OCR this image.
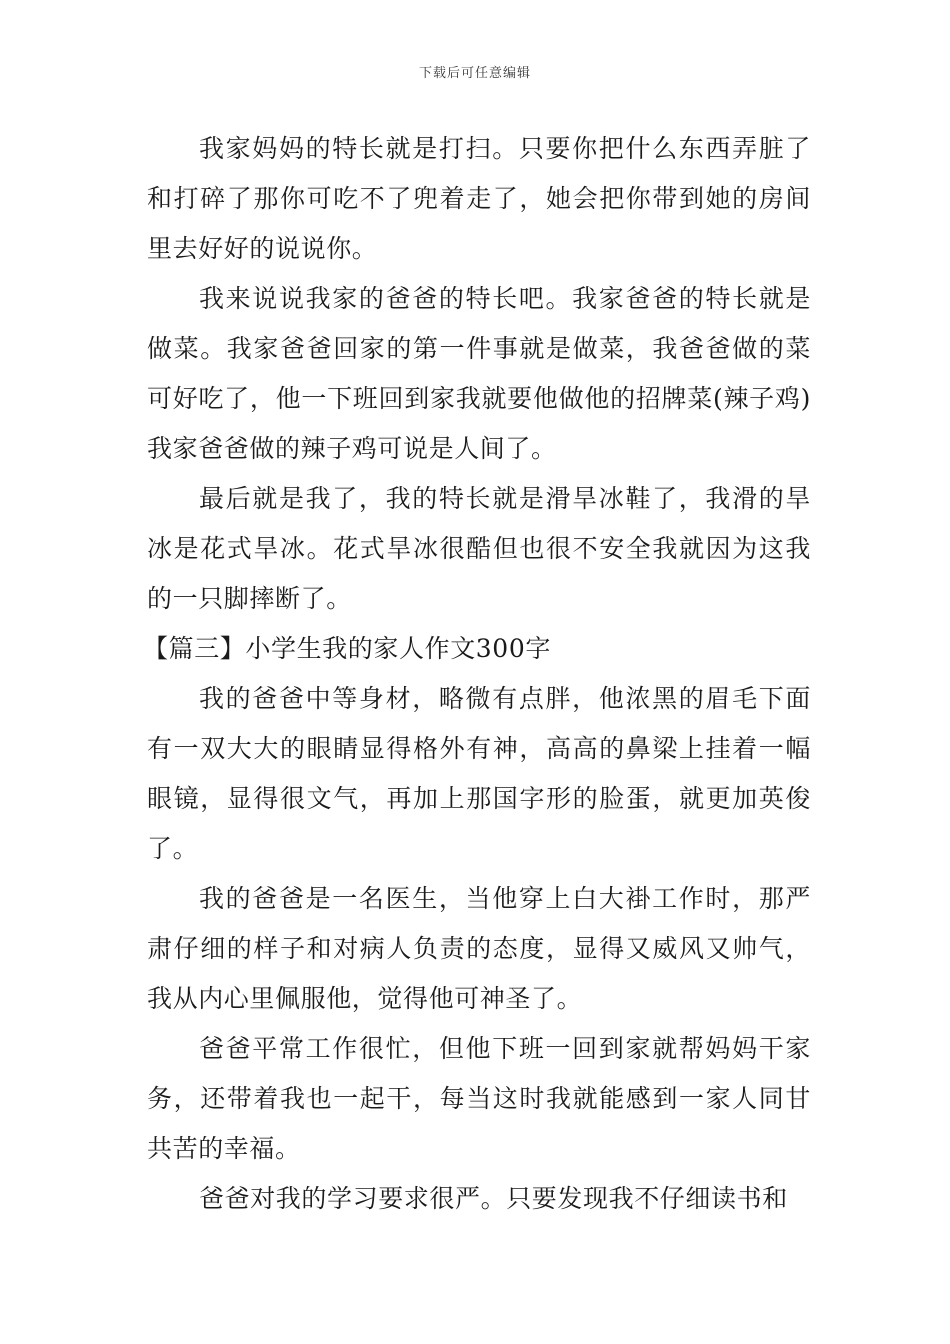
下载后可任意编辑

我家妈妈的特长就是打扫。只要你把什么东西弄脏了和打碎了那你可吃不了兜着走了，她会把你带到她的房间里去好好的说说你。

我来说说我家的爸爸的特长吧。我家爸爸的特长就是做菜。我家爸爸回家的第一件事就是做菜，我爸爸做的菜可好吃了，他一下班回到家我就要他做他的招牌菜(辣子鸡)我家爸爸做的辣子鸡可说是人间了。

最后就是我了，我的特长就是滑旱冰鞋了，我滑的旱冰是花式旱冰。花式旱冰很酷但也很不安全我就因为这我的一只脚摔断了。

【篇三】小学生我的家人作文300字

我的爸爸中等身材，略微有点胖，他浓黑的眉毛下面有一双大大的眼睛显得格外有神，高高的鼻梁上挂着一幅眼镜，显得很文气，再加上那国字形的脸蛋，就更加英俊了。

我的爸爸是一名医生，当他穿上白大褂工作时，那严肃仔细的样子和对病人负责的态度，显得又威风又帅气，我从内心里佩服他，觉得他可神圣了。

爸爸平常工作很忙，但他下班一回到家就帮妈妈干家务，还带着我也一起干，每当这时我就能感到一家人同甘共苦的幸福。

爸爸对我的学习要求很严。只要发现我不仔细读书和
